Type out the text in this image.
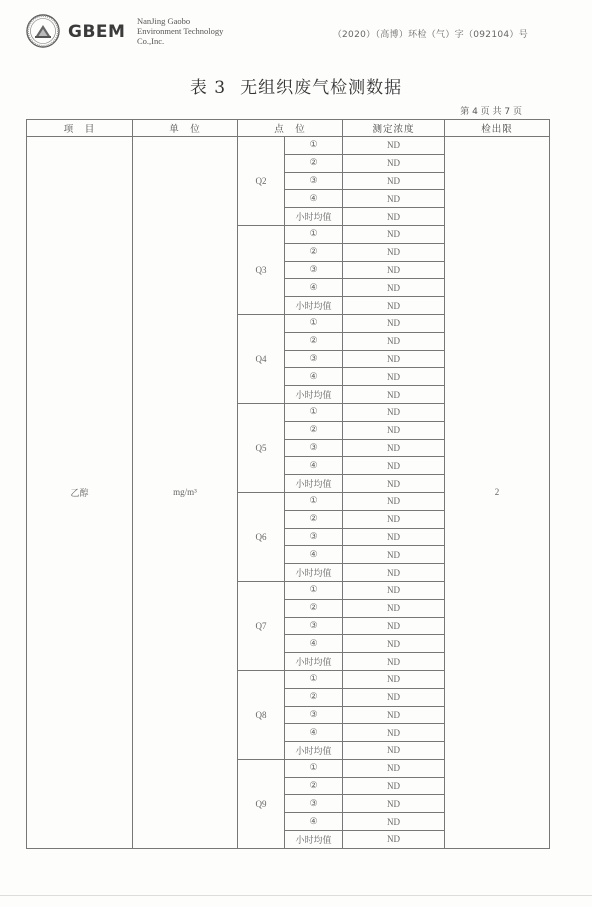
GBEM
NanJing Gaobo
Environment Technology
Co.,Inc.
（2020）（高博）环检（气）字（092104）号
表 3 无组织废气检测数据
第 4 页 共 7 页
项　目	单　位	点　位		测定浓度	检出限
乙醇	mg/m³	Q2	①	ND	2
			②	ND	
			③	ND	
			④	ND	
			小时均值	ND	
		Q3	①	ND	
			②	ND	
			③	ND	
			④	ND	
			小时均值	ND	
		Q4	①	ND	
			②	ND	
			③	ND	
			④	ND	
			小时均值	ND	
		Q5	①	ND	
			②	ND	
			③	ND	
			④	ND	
			小时均值	ND	
		Q6	①	ND	
			②	ND	
			③	ND	
			④	ND	
			小时均值	ND	
		Q7	①	ND	
			②	ND	
			③	ND	
			④	ND	
			小时均值	ND	
		Q8	①	ND	
			②	ND	
			③	ND	
			④	ND	
			小时均值	ND	
		Q9	①	ND	
			②	ND	
			③	ND	
			④	ND	
			小时均值	ND	
